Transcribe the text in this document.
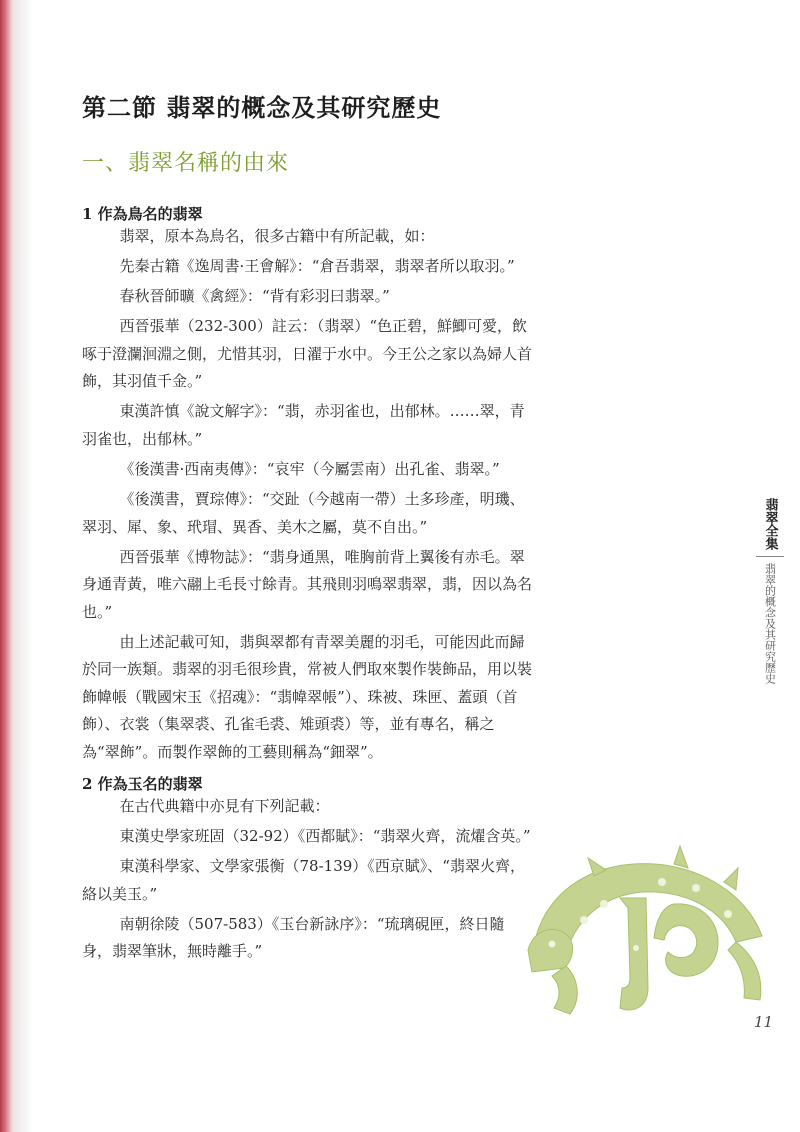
第二節 翡翠的概念及其研究歷史
一、翡翠名稱的由來
1 作為鳥名的翡翠

翡翠，原本為鳥名，很多古籍中有所記載，如：

先秦古籍《逸周書·王會解》：“倉吾翡翠，翡翠者所以取羽。”

春秋晉師曠《禽經》：“背有彩羽曰翡翠。”

西晉張華（232-300）註云：（翡翠）“色正碧，鮮鯽可愛，飲啄于澄瀾洄淵之側，尤惜其羽，日濯于水中。今王公之家以為婦人首飾，其羽值千金。”

東漢許慎《說文解字》：“翡，赤羽雀也，出郁林。……翠，青羽雀也，出郁林。”

《後漢書·西南夷傳》：“哀牢（今屬雲南）出孔雀、翡翠。”

《後漢書，賈琮傳》：“交趾（今越南一帶）土多珍產，明璣、翠羽、犀、象、玳瑁、異香、美木之屬，莫不自出。”

西晉張華《博物誌》：“翡身通黑，唯胸前背上翼後有赤毛。翠身通青黃，唯六翮上毛長寸餘青。其飛則羽鳴翠翡翠，翡，因以為名也。”

由上述記載可知，翡與翠都有青翠美麗的羽毛，可能因此而歸於同一族類。翡翠的羽毛很珍貴，常被人們取來製作裝飾品，用以裝飾幃帳（戰國宋玉《招魂》：“翡幃翠帳”）、珠被、珠匣、蓋頭（首飾）、衣裳（集翠裘、孔雀毛裘、雉頭裘）等，並有專名，稱之為“翠飾”。而製作翠飾的工藝則稱為“鈿翠”。

2 作為玉名的翡翠

在古代典籍中亦見有下列記載：

東漢史學家班固（32-92）《西都賦》：“翡翠火齊，流燿含英。”

東漢科學家、文學家張衡（78-139）《西京賦》、“翡翠火齊，絡以美玉。”

南朝徐陵（507-583）《玉台新詠序》：“琉璃硯匣，終日隨身，翡翠筆牀，無時離手。”

翡翠全集
翡翠的概念及其研究歷史
11
